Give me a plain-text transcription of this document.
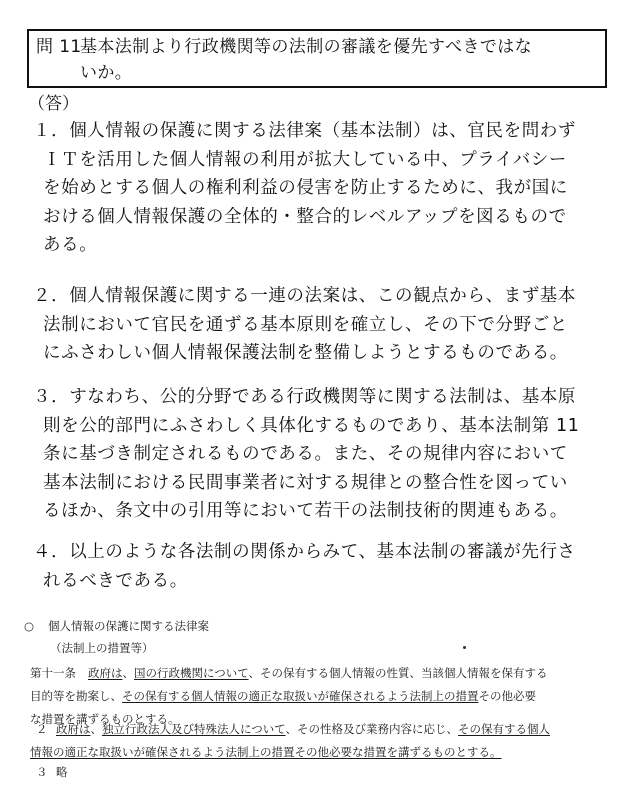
問 11基本法制より行政機関等の法制の審議を優先すべきではな
いか。
（答）
１．個人情報の保護に関する法律案（基本法制）は、官民を問わず
ＩＴを活用した個人情報の利用が拡大している中、プライバシー
を始めとする個人の権利利益の侵害を防止するために、我が国に
おける個人情報保護の全体的・整合的レベルアップを図るもので
ある。
２．個人情報保護に関する一連の法案は、この観点から、まず基本
法制において官民を通ずる基本原則を確立し、その下で分野ごと
にふさわしい個人情報保護法制を整備しようとするものである。
３．すなわち、公的分野である行政機関等に関する法制は、基本原
則を公的部門にふさわしく具体化するものであり、基本法制第 11
条に基づき制定されるものである。また、その規律内容において
基本法制における民間事業者に対する規律との整合性を図ってい
るほか、条文中の引用等において若干の法制技術的関連もある。
４．以上のような各法制の関係からみて、基本法制の審議が先行さ
れるべきである。
○ 個人情報の保護に関する法律案
（法制上の措置等）
第十一条 政府は、国の行政機関について、その保有する個人情報の性質、当該個人情報を保有する
目的等を勘案し、その保有する個人情報の適正な取扱いが確保されるよう法制上の措置その他必要
な措置を講ずるものとする。
２ 政府は、独立行政法人及び特殊法人について、その性格及び業務内容に応じ、その保有する個人
情報の適正な取扱いが確保されるよう法制上の措置その他必要な措置を講ずるものとする。
３ 略
